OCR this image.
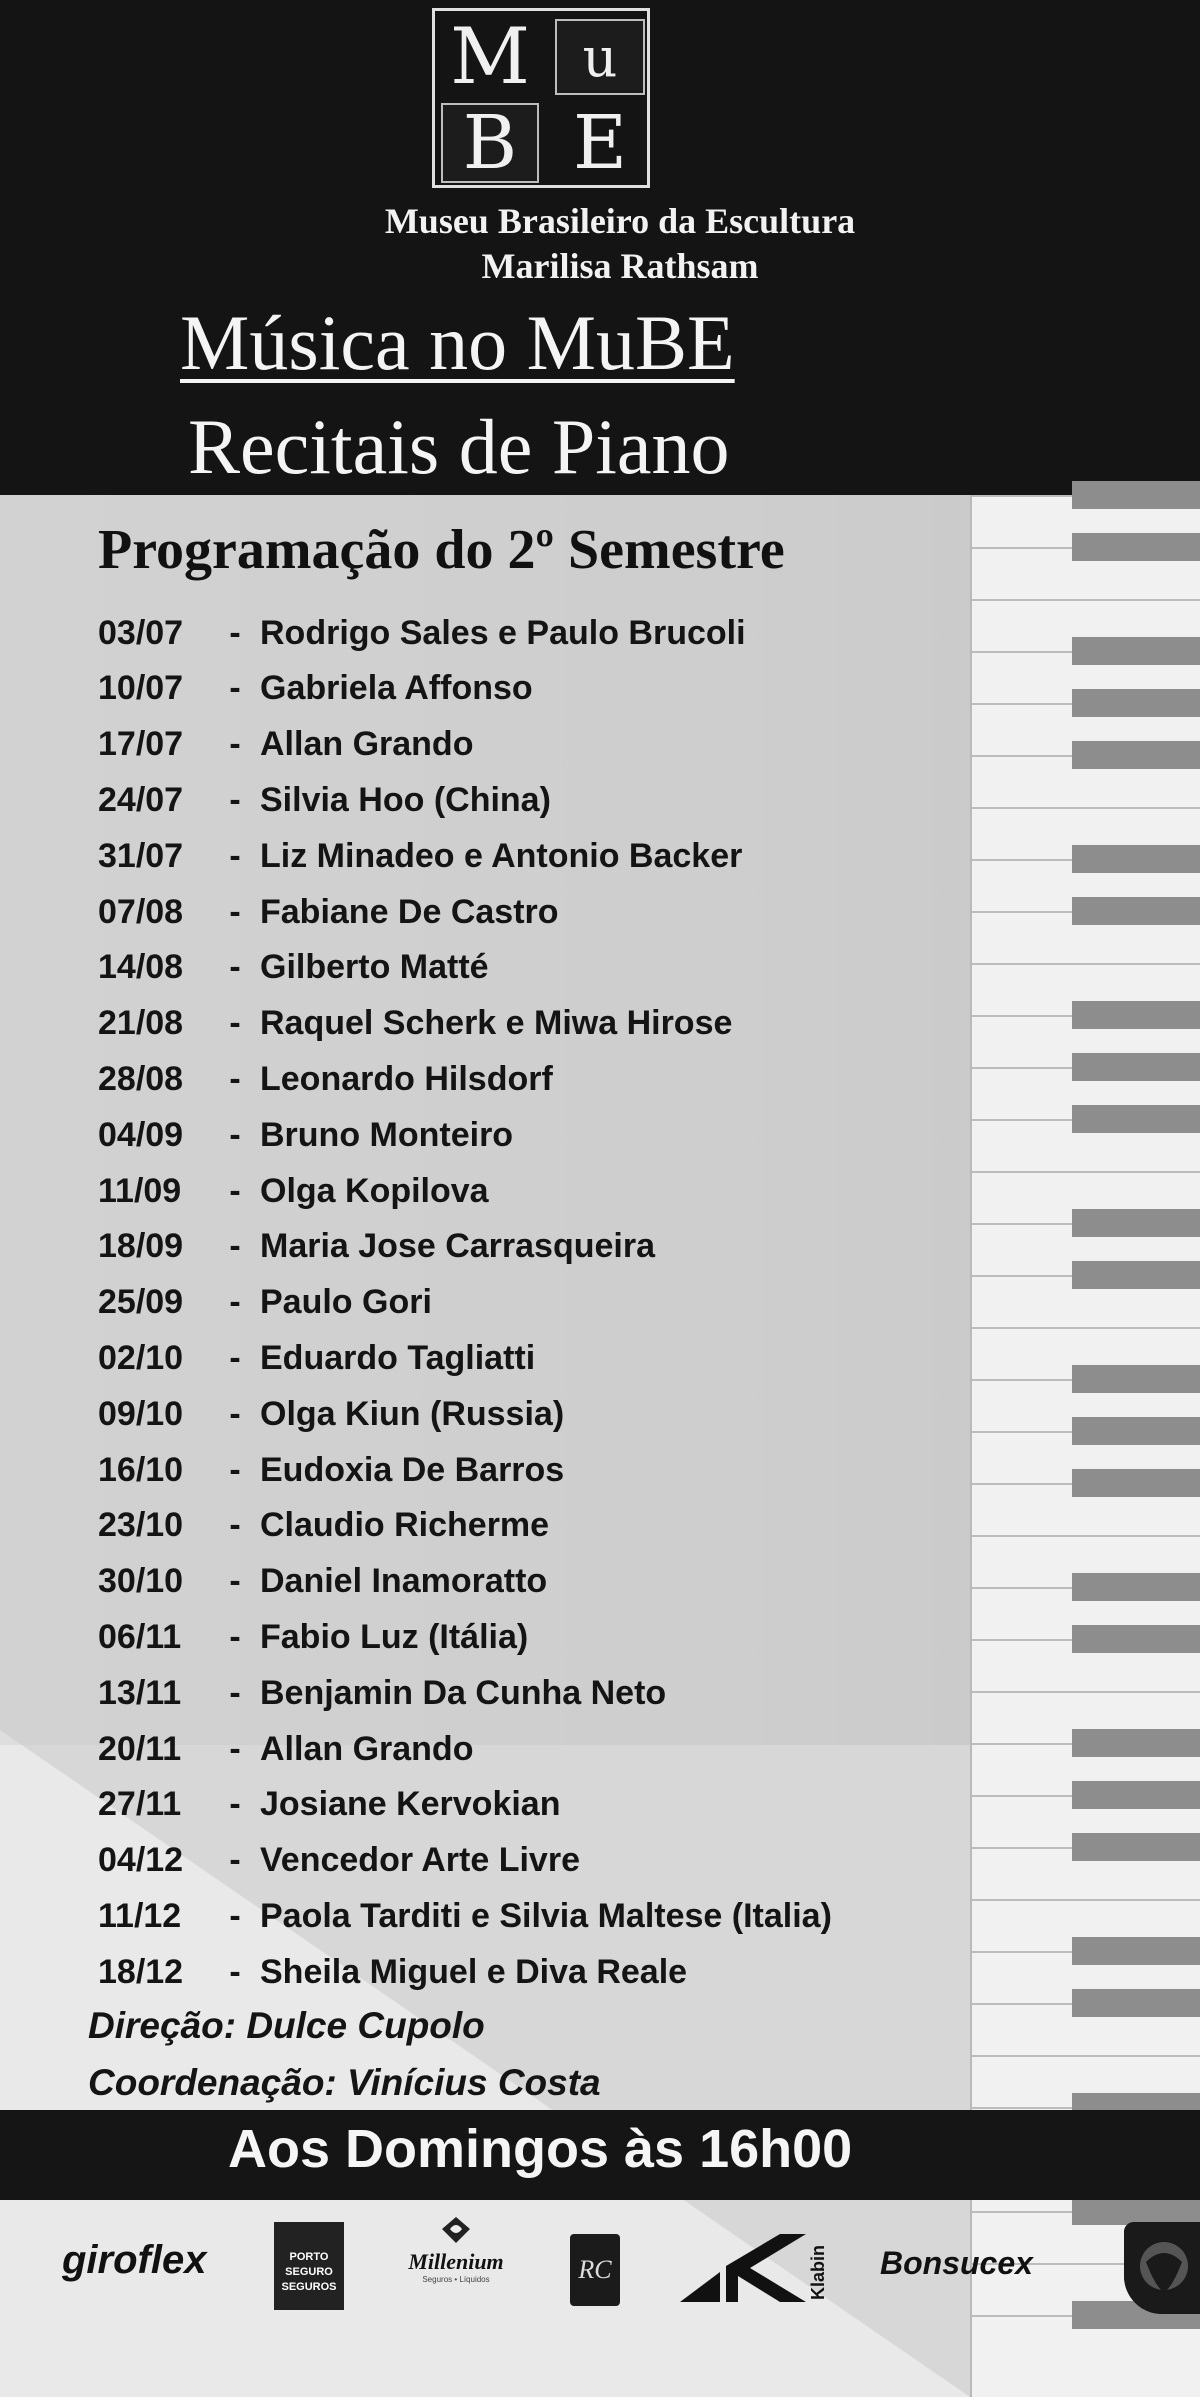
M u
B E
Museu Brasileiro da Escultura
Marilisa Rathsam
Música no MuBE
Recitais de Piano
Programação do 2º Semestre
03/07	- Rodrigo Sales e Paulo Brucoli
10/07	- Gabriela Affonso
17/07	- Allan Grando
24/07	- Silvia Hoo (China)
31/07	- Liz Minadeo e Antonio Backer
07/08	- Fabiane De Castro
14/08	- Gilberto Matté
21/08	- Raquel Scherk e Miwa Hirose
28/08	- Leonardo Hilsdorf
04/09	- Bruno Monteiro
11/09	- Olga Kopilova
18/09	- Maria Jose Carrasqueira
25/09	- Paulo Gori
02/10	- Eduardo Tagliatti
09/10	- Olga Kiun (Russia)
16/10	- Eudoxia De Barros
23/10	- Claudio Richerme
30/10	- Daniel Inamoratto
06/11	- Fabio Luz (Itália)
13/11	- Benjamin Da Cunha Neto
20/11	- Allan Grando
27/11	- Josiane Kervokian
04/12	- Vencedor Arte Livre
11/12	- Paola Tarditi e Silvia Maltese (Italia)
18/12	- Sheila Miguel e Diva Reale
Direção: Dulce Cupolo
Coordenação: Vinícius Costa
Aos Domingos às 16h00
giroflex	PORTO
SEGURO
SEGUROS
Millenium
Seguros • Líquidos	RC	Klabin Bonsucex
